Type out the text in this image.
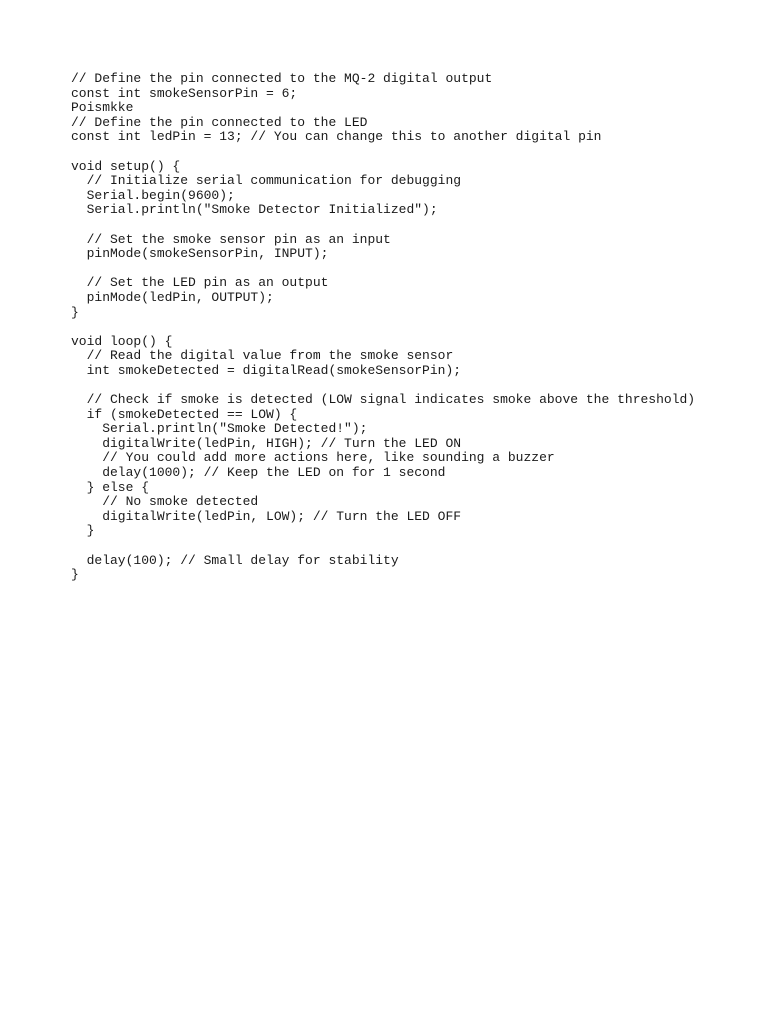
// Define the pin connected to the MQ-2 digital output
const int smokeSensorPin = 6;
Poismkke
// Define the pin connected to the LED
const int ledPin = 13; // You can change this to another digital pin
void setup() {
// Initialize serial communication for debugging
Serial.begin(9600);
Serial.println("Smoke Detector Initialized");
// Set the smoke sensor pin as an input
pinMode(smokeSensorPin, INPUT);
// Set the LED pin as an output
pinMode(ledPin, OUTPUT);
}
void loop() {
// Read the digital value from the smoke sensor
int smokeDetected = digitalRead(smokeSensorPin);
// Check if smoke is detected (LOW signal indicates smoke above the threshold)
if (smokeDetected == LOW) {
Serial.println("Smoke Detected!");
digitalWrite(ledPin, HIGH); // Turn the LED ON
// You could add more actions here, like sounding a buzzer
delay(1000); // Keep the LED on for 1 second
} else {
// No smoke detected
digitalWrite(ledPin, LOW); // Turn the LED OFF
}
delay(100); // Small delay for stability
}
